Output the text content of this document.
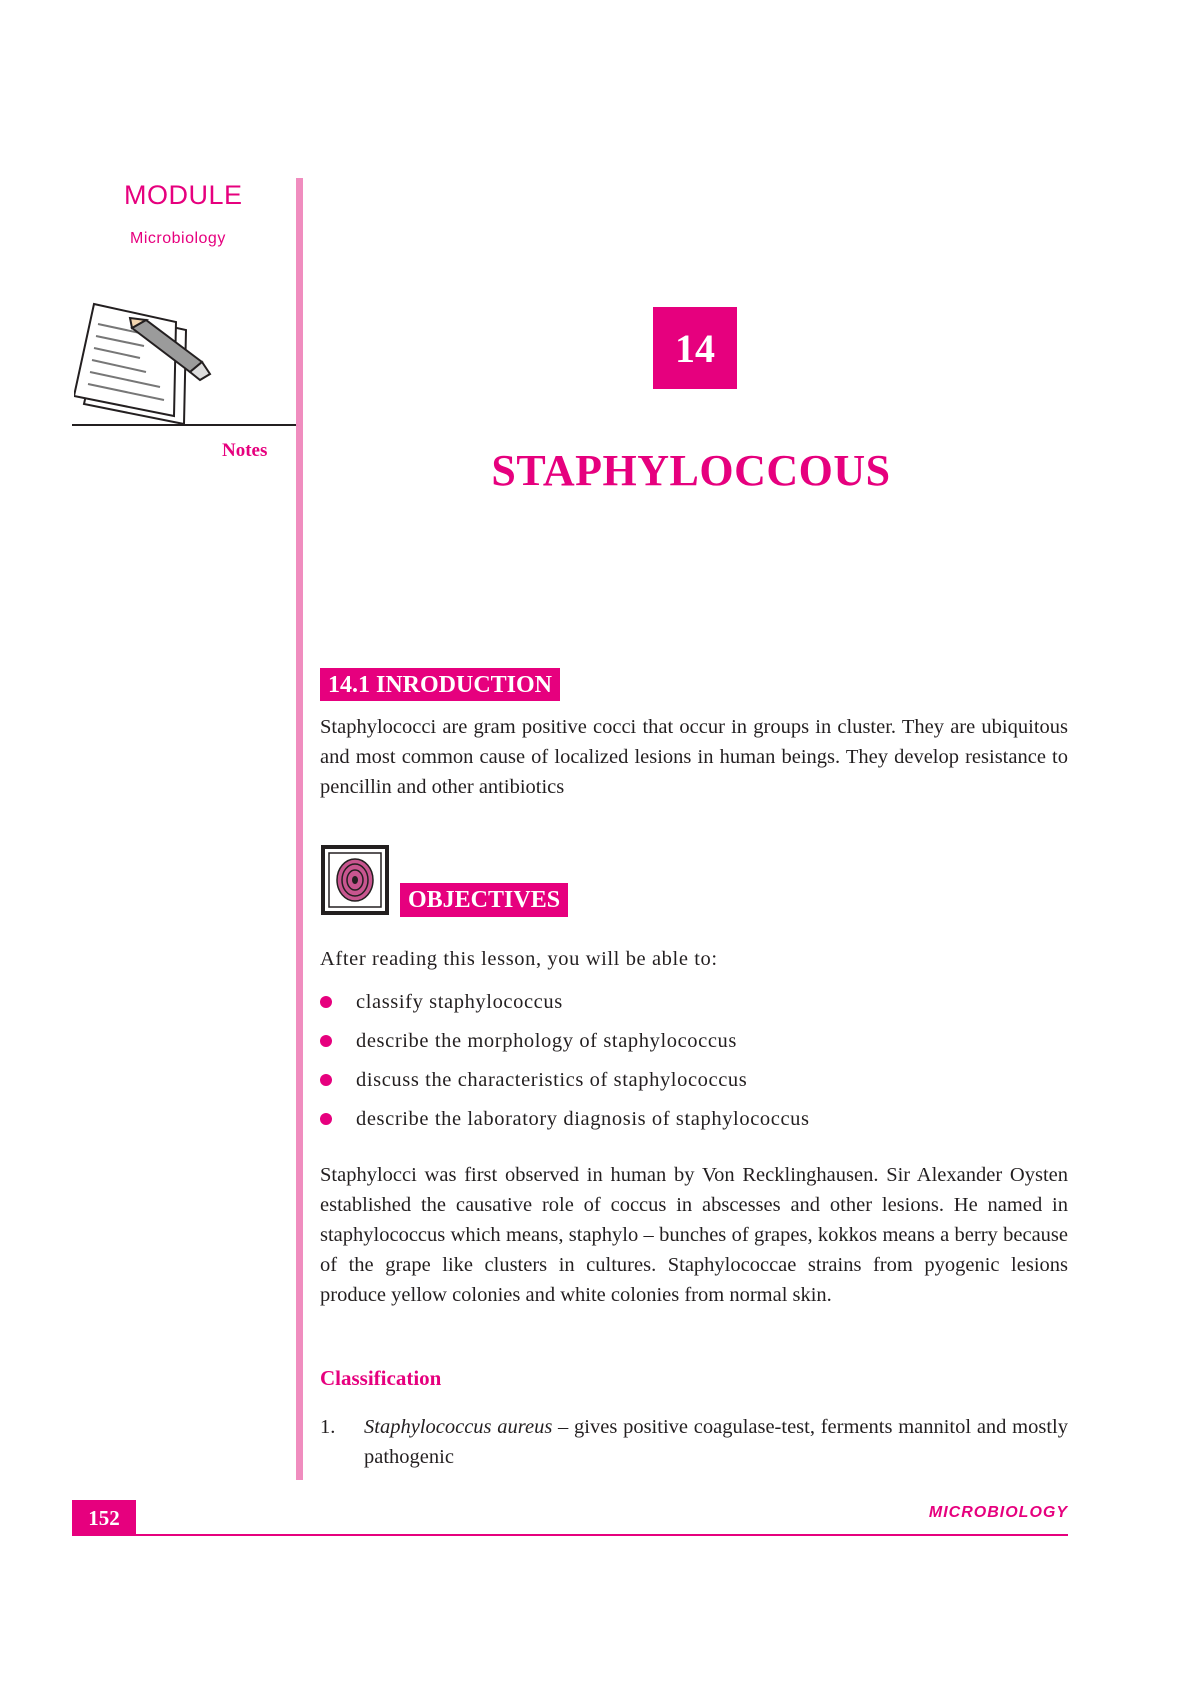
MODULE
Microbiology
Notes
14
STAPHYLOCCOUS
14.1 INRODUCTION

Staphylococci are gram positive cocci that occur in groups in cluster. They are ubiquitous and most common cause of localized lesions in human beings. They develop resistance to pencillin and other antibiotics

OBJECTIVES
After reading this lesson, you will be able to:
classify staphylococcus
describe the morphology of staphylococcus
discuss the characteristics of staphylococcus
describe the laboratory diagnosis of staphylococcus

Staphylocci was first observed in human by Von Recklinghausen. Sir Alexander Oysten established the causative role of coccus in abscesses and other lesions. He named in staphylococcus which means, staphylo – bunches of grapes, kokkos means a berry because of the grape like clusters in cultures. Staphylococcae strains from pyogenic lesions produce yellow colonies and white colonies from normal skin.

Classification
1. Staphylococcus aureus – gives positive coagulase-test, ferments mannitol and mostly pathogenic
152	MICROBIOLOGY
